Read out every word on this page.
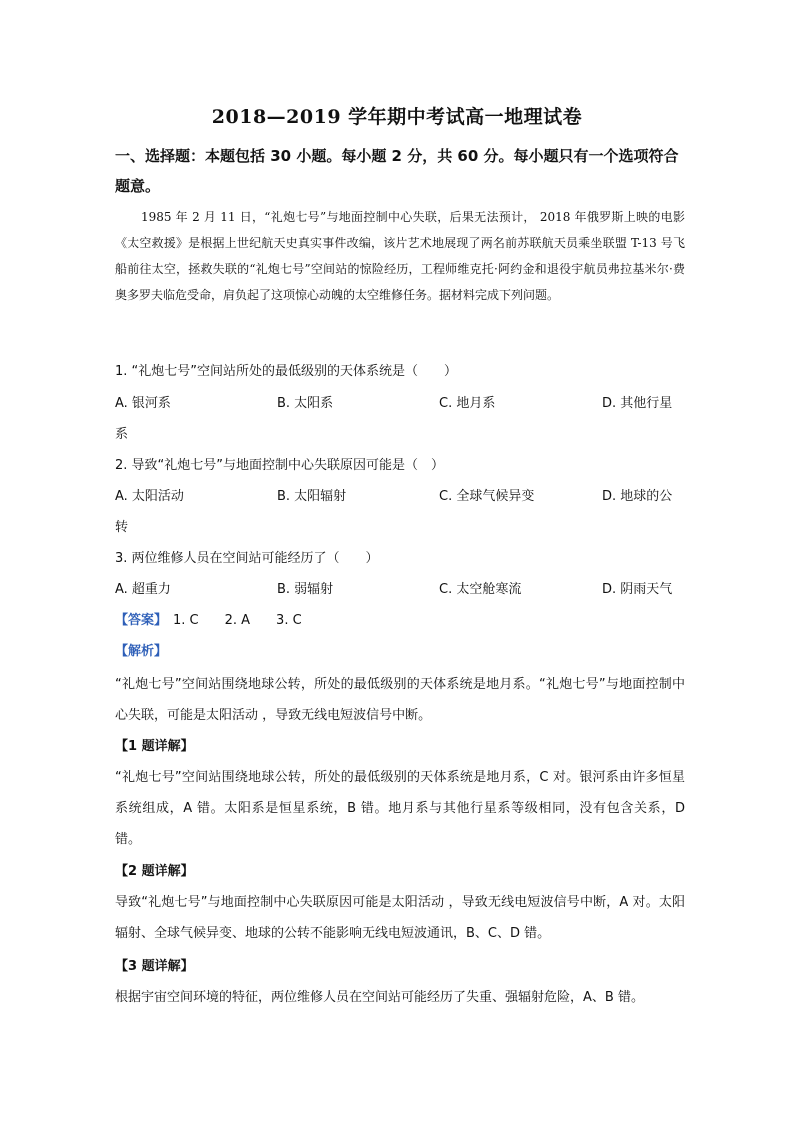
2018—2019 学年期中考试高一地理试卷
一、选择题：本题包括 30 小题。每小题 2 分，共 60 分。每小题只有一个选项符合题意。
1985 年 2 月 11 日，“礼炮七号”与地面控制中心失联，后果无法预计， 2018 年俄罗斯上映的电影《太空救援》是根据上世纪航天史真实事件改编，该片艺术地展现了两名前苏联航天员乘坐联盟 T-13 号飞船前往太空，拯救失联的“礼炮七号”空间站的惊险经历，工程师维克托·阿约金和退役宇航员弗拉基米尔·费奥多罗夫临危受命，肩负起了这项惊心动魄的太空维修任务。据材料完成下列问题。
1. “礼炮七号”空间站所处的最低级别的天体系统是（　　）
A. 银河系	B. 太阳系	C. 地月系	D. 其他行星
系
2. 导致“礼炮七号”与地面控制中心失联原因可能是（　）
A. 太阳活动	B. 太阳辐射	C. 全球气候异变	D. 地球的公
转
3. 两位维修人员在空间站可能经历了（　　）
A. 超重力	B. 弱辐射	C. 太空舱寒流	D. 阴雨天气
【答案】 1. C　　2. A　　3. C
【解析】
“礼炮七号”空间站围绕地球公转，所处的最低级别的天体系统是地月系。“礼炮七号”与地面控制中心失联，可能是太阳活动 ，导致无线电短波信号中断。
【1 题详解】
“礼炮七号”空间站围绕地球公转，所处的最低级别的天体系统是地月系，C 对。银河系由许多恒星系统组成，A 错。太阳系是恒星系统，B 错。地月系与其他行星系等级相同，没有包含关系，D 错。
【2 题详解】
导致“礼炮七号”与地面控制中心失联原因可能是太阳活动 ，导致无线电短波信号中断，A 对。太阳辐射、全球气候异变、地球的公转不能影响无线电短波通讯，B、C、D 错。
【3 题详解】
根据宇宙空间环境的特征，两位维修人员在空间站可能经历了失重、强辐射危险，A、B 错。
